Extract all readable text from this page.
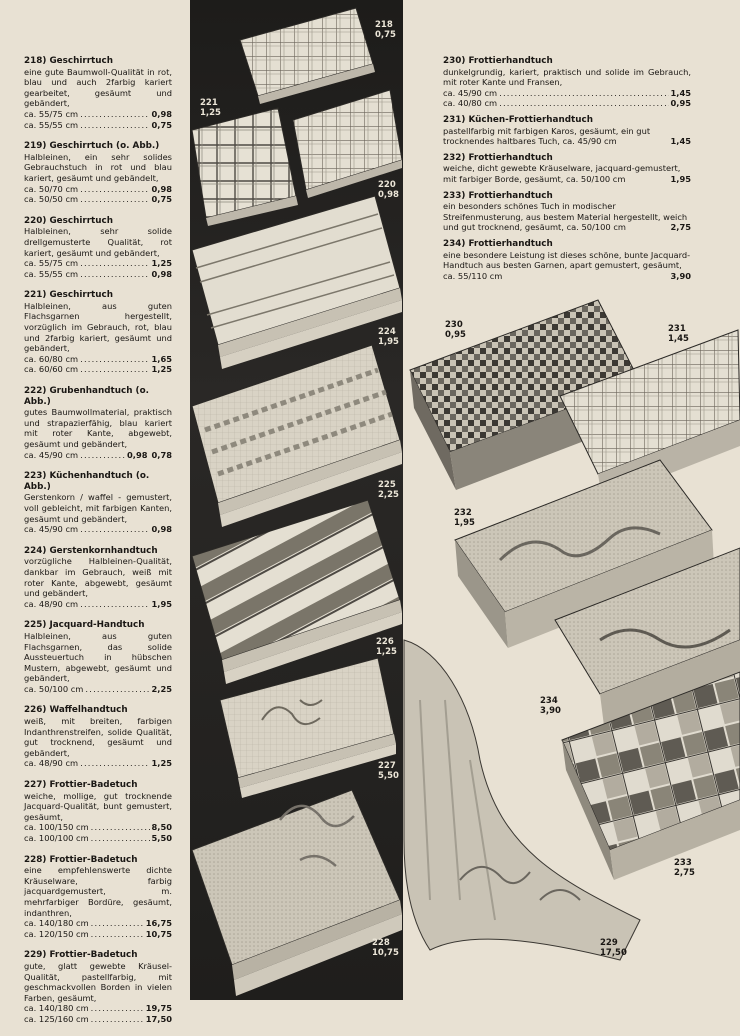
218) Geschirrtuch
eine gute Baumwoll-Qualität in rot, blau und auch 2farbig kariert gearbeitet, gesäumt und gebändert,
ca. 55/75 cm .....	0,98
ca. 55/55 cm .....	0,75
219) Geschirrtuch (o. Abb.)
Halbleinen, ein sehr solides Gebrauchstuch in rot und blau kariert, gesäumt und gebändelt,
ca. 50/70 cm .....	0,98
ca. 50/50 cm .....	0,75
220) Geschirrtuch
Halbleinen, sehr solide drellgemusterte Qualität, rot kariert, gesäumt und gebändert,
ca. 55/75 cm .....	1,25
ca. 55/55 cm .....	0,98
221) Geschirrtuch
Halbleinen, aus guten Flachsgarnen hergestellt, vorzüglich im Gebrauch, rot, blau und 2farbig kariert, gesäumt und gebändert,
ca. 60/80 cm .....	1,65
ca. 60/60 cm .....	1,25
222) Grubenhandtuch (o. Abb.)
gutes Baumwollmaterial, praktisch und strapazierfähig, blau kariert mit roter Kante, abgewebt, gesäumt und gebändert,
ca. 45/90 cm .....	0,98 0,78
223) Küchenhandtuch (o. Abb.)
Gerstenkorn / waffel - gemustert, voll gebleicht, mit farbigen Kanten, gesäumt und gebändert,
ca. 45/90 cm .....	0,98
224) Gerstenkornhandtuch
vorzügliche Halbleinen-Qualität, dankbar im Gebrauch, weiß mit roter Kante, abgewebt, gesäumt und gebändert,
ca. 48/90 cm .....	1,95
225) Jacquard-Handtuch
Halbleinen, aus guten Flachsgarnen, das solide Aussteuertuch in hübschen Mustern, abgewebt, gesäumt und gebändert,
ca. 50/100 cm .....	2,25
226) Waffelhandtuch
weiß, mit breiten, farbigen Indanthrenstreifen, solide Qualität, gut trocknend, gesäumt und gebändert,
ca. 48/90 cm .....	1,25
227) Frottier-Badetuch
weiche, mollige, gut trocknende Jacquard-Qualität, bunt gemustert, gesäumt,
ca. 100/150 cm .....	8,50
ca. 100/100 cm .....	5,50
228) Frottier-Badetuch
eine empfehlenswerte dichte Kräuselware, farbig jacquardgemustert, m. mehrfarbiger Bordüre, gesäumt, indanthren,
ca. 140/180 cm .....	16,75
ca. 120/150 cm .....	10,75
229) Frottier-Badetuch
gute, glatt gewebte Kräusel-Qualität, pastellfarbig, mit geschmackvollen Borden in vielen Farben, gesäumt,
ca. 140/180 cm .....	19,75
ca. 125/160 cm .....	17,50
218
0,75
221
1,25
220
0,98
224
1,95
225
2,25
226
1,25
227
5,50
228
10,75
230
0,95
231
1,45
232
1,95
234
3,90
233
2,75
229
17,50
230) Frottierhandtuch
dunkelgrundig, kariert, praktisch und solide im Gebrauch, mit roter Kante und Fransen,
ca. 45/90 cm .....	1,45
ca. 40/80 cm .....	0,95
231) Küchen-Frottierhandtuch
pastellfarbig mit farbigen Karos, gesäumt, ein gut trocknendes haltbares Tuch, ca. 45/90 cm	1,45
232) Frottierhandtuch
weiche, dicht gewebte Kräuselware, jacquard-gemustert, mit farbiger Borde, gesäumt, ca. 50/100 cm	1,95
233) Frottierhandtuch
ein besonders schönes Tuch in modischer Streifenmusterung, aus bestem Material hergestellt, weich und gut trocknend, gesäumt, ca. 50/100 cm	2,75
234) Frottierhandtuch
eine besondere Leistung ist dieses schöne, bunte Jacquard-Handtuch aus besten Garnen, apart gemustert, gesäumt, ca. 55/110 cm	3,90
